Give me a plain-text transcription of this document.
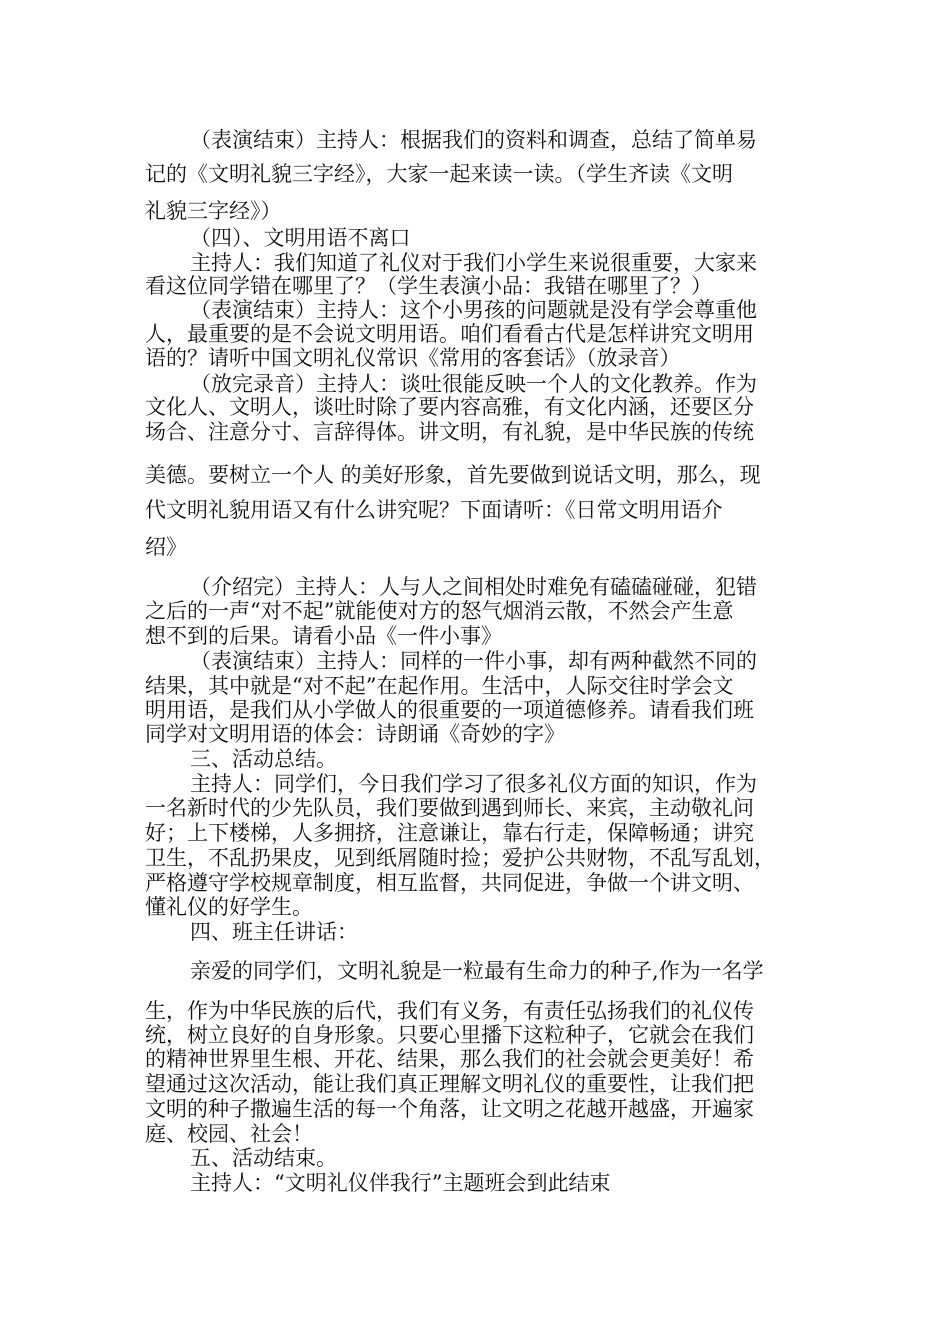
（表演结束）主持人：根据我们的资料和调查，总结了简单易

记的《文明礼貌三字经》，大家一起来读一读。（学生齐读《文明

礼貌三字经》）

（四）、文明用语不离口

主持人：我们知道了礼仪对于我们小学生来说很重要，大家来

看这位同学错在哪里了？（学生表演小品：我错在哪里了？）

（表演结束）主持人：这个小男孩的问题就是没有学会尊重他

人，最重要的是不会说文明用语。咱们看看古代是怎样讲究文明用

语的？请听中国文明礼仪常识《常用的客套话》（放录音）

（放完录音）主持人：谈吐很能反映一个人的文化教养。作为

文化人、文明人，谈吐时除了要内容高雅，有文化内涵，还要区分

场合、注意分寸、言辞得体。讲文明，有礼貌，是中华民族的传统

美德。要树立一个人 的美好形象，首先要做到说话文明，那么，现

代文明礼貌用语又有什么讲究呢？下面请听：《日常文明用语介

绍》

（介绍完）主持人：人与人之间相处时难免有磕磕碰碰，犯错

之后的一声“对不起”就能使对方的怒气烟消云散，不然会产生意

想不到的后果。请看小品《一件小事》

（表演结束）主持人：同样的一件小事，却有两种截然不同的

结果，其中就是“对不起”在起作用。生活中，人际交往时学会文

明用语，是我们从小学做人的很重要的一项道德修养。请看我们班

同学对文明用语的体会：诗朗诵《奇妙的字》

三、活动总结。

主持人：同学们，今日我们学习了很多礼仪方面的知识，作为

一名新时代的少先队员，我们要做到遇到师长、来宾，主动敬礼问

好；上下楼梯，人多拥挤，注意谦让，靠右行走，保障畅通；讲究

卫生，不乱扔果皮，见到纸屑随时捡；爱护公共财物，不乱写乱划，

严格遵守学校规章制度，相互监督，共同促进，争做一个讲文明、

懂礼仪的好学生。

四、班主任讲话：

亲爱的同学们，文明礼貌是一粒最有生命力的种子,作为一名学

生，作为中华民族的后代，我们有义务，有责任弘扬我们的礼仪传

统，树立良好的自身形象。只要心里播下这粒种子，它就会在我们

的精神世界里生根、开花、结果，那么我们的社会就会更美好！希

望通过这次活动，能让我们真正理解文明礼仪的重要性，让我们把

文明的种子撒遍生活的每一个角落，让文明之花越开越盛，开遍家

庭、校园、社会！

五、活动结束。

主持人：“文明礼仪伴我行”主题班会到此结束
